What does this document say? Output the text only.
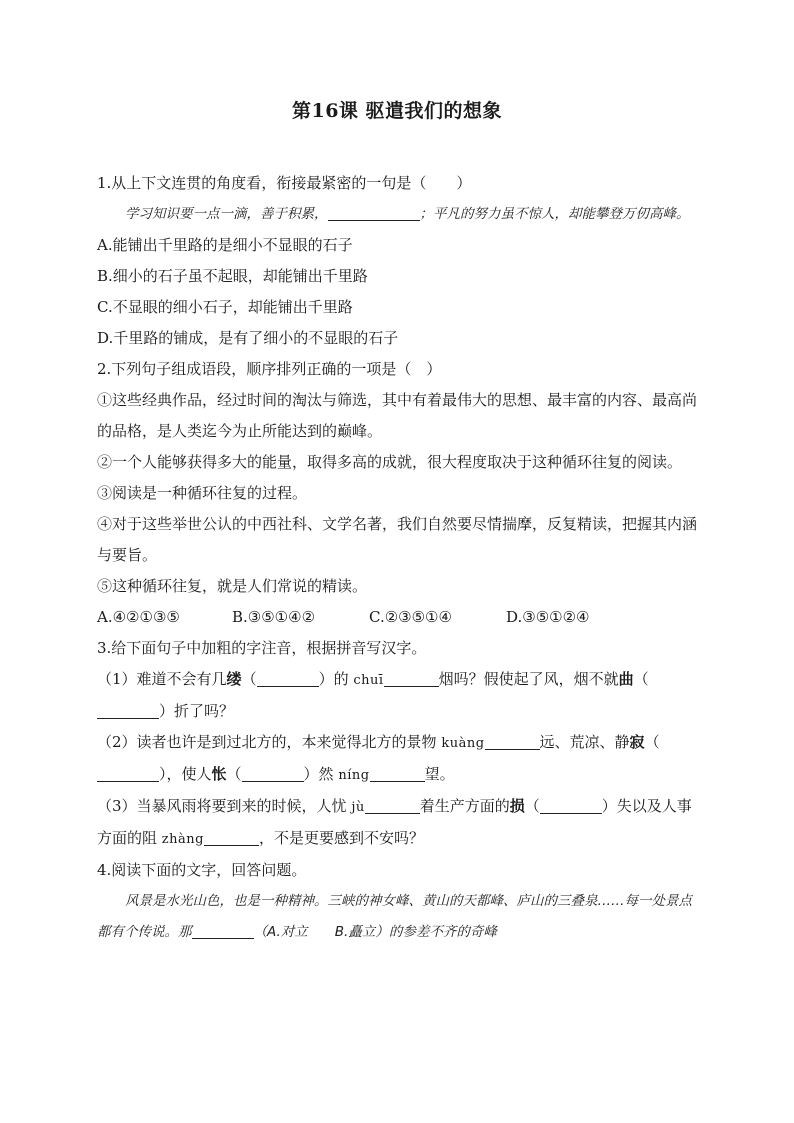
第16课 驱遣我们的想象

1.从上下文连贯的角度看，衔接最紧密的一句是（　　）

学习知识要一点一滴，善于积累，	；平凡的努力虽不惊人，却能攀登万仞高峰。

A.能铺出千里路的是细小不显眼的石子

B.细小的石子虽不起眼，却能铺出千里路

C.不显眼的细小石子，却能铺出千里路

D.千里路的铺成，是有了细小的不显眼的石子

2.下列句子组成语段，顺序排列正确的一项是（　）

①这些经典作品，经过时间的淘汰与筛选，其中有着最伟大的思想、最丰富的内容、最高尚的品格，是人类迄今为止所能达到的巅峰。

②一个人能够获得多大的能量，取得多高的成就，很大程度取决于这种循环往复的阅读。

③阅读是一种循环往复的过程。

④对于这些举世公认的中西社科、文学名著，我们自然要尽情揣摩，反复精读，把握其内涵与要旨。

⑤这种循环往复，就是人们常说的精读。

A.④②①③⑤	B.③⑤①④②	C.②③⑤①④	D.③⑤①②④

3.给下面句子中加粗的字注音，根据拼音写汉字。

（1）难道不会有几缕（	）的 chuī	烟吗？假使起了风，烟不就曲（）折了吗？

（2）读者也许是到过北方的，本来觉得北方的景物 kuàng	远、荒凉、静寂（），使人怅（	）然 níng	望。

（3）当暴风雨将要到来的时候，人忧 jù	着生产方面的损（	）失以及人事方面的阻 zhàng	，不是更要感到不安吗？

4.阅读下面的文字，回答问题。

风景是水光山色，也是一种精神。三峡的神女峰、黄山的天都峰、庐山的三叠泉……每一处景点都有个传说。那	（A.对立　　B.矗立）的参差不齐的奇峰
